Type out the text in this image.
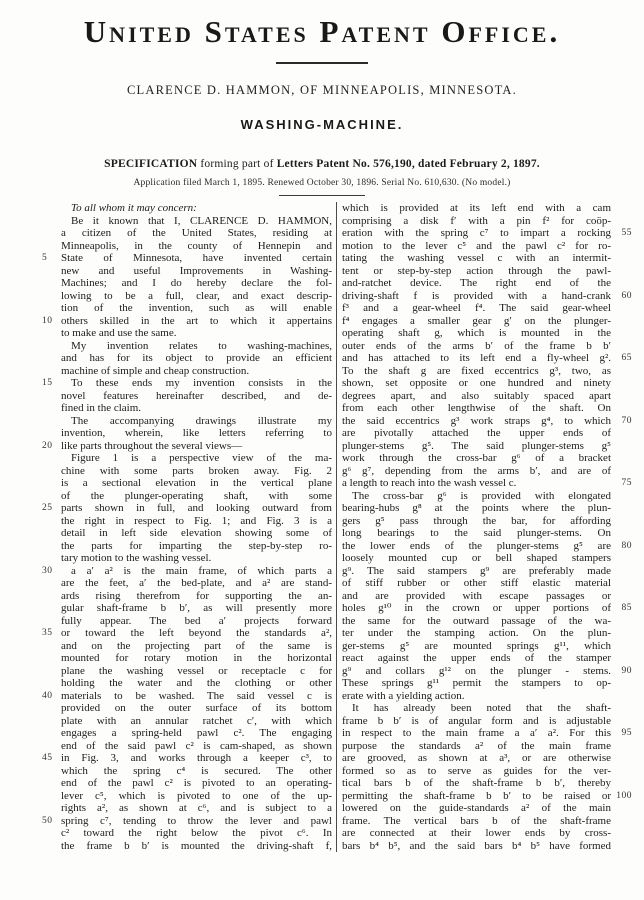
United States Patent Office.
CLARENCE D. HAMMON, OF MINNEAPOLIS, MINNESOTA.
WASHING-MACHINE.
SPECIFICATION forming part of Letters Patent No. 576,190, dated February 2, 1897.
Application filed March 1, 1895. Renewed October 30, 1896. Serial No. 610,630. (No model.)
To all whom it may concern:
Be it known that I, CLARENCE D. HAMMON,
a citizen of the United States, residing at
Minneapolis, in the county of Hennepin and
5	State of Minnesota, have invented certain
new and useful Improvements in Washing-
Machines; and I do hereby declare the fol-
lowing to be a full, clear, and exact descrip-
tion of the invention, such as will enable
10 others skilled in the art to which it appertains
to make and use the same.
My invention relates to washing-machines,
and has for its object to provide an efficient
machine of simple and cheap construction.
15	To these ends my invention consists in the
novel features hereinafter described, and de-
fined in the claim.
The accompanying drawings illustrate my
invention, wherein, like letters referring to
20 like parts throughout the several views—
Figure 1 is a perspective view of the ma-
chine with some parts broken away. Fig. 2
is a sectional elevation in the vertical plane
of the plunger-operating shaft, with some
25 parts shown in full, and looking outward from
the right in respect to Fig. 1; and Fig. 3 is a
detail in left side elevation showing some of
the parts for imparting the step-by-step ro-
tary motion to the washing vessel.
30	a a′ a² is the main frame, of which parts a
are the feet, a′ the bed-plate, and a² are stand-
ards rising therefrom for supporting the an-
gular shaft-frame b b′, as will presently more
fully appear. The bed a′ projects forward
35 or toward the left beyond the standards a²,
and on the projecting part of the same is
mounted for rotary motion in the horizontal
plane the washing vessel or receptacle c for
holding the water and the clothing or other
40 materials to be washed. The said vessel c is
provided on the outer surface of its bottom
plate with an annular ratchet c′, with which
engages a spring-held pawl c². The engaging
end of the said pawl c² is cam-shaped, as shown
45 in Fig. 3, and works through a keeper c³, to
which the spring c⁴ is secured. The other
end of the pawl c² is pivoted to an operating-
lever c⁵, which is pivoted to one of the up-
rights a², as shown at c⁶, and is subject to a
50 spring c⁷, tending to throw the lever and pawl
c² toward the right below the pivot c⁶. In
the frame b b′ is mounted the driving-shaft f,
which is provided at its left end with a cam
comprising a disk f′ with a pin f² for coöp-
eration with the spring c⁷ to impart a rocking	55
motion to the lever c⁵ and the pawl c² for ro-
tating the washing vessel c with an intermit-
tent or step-by-step action through the pawl-
and-ratchet device. The right end of the
driving-shaft f is provided with a hand-crank	60
f³ and a gear-wheel f⁴. The said gear-wheel
f⁴ engages a smaller gear g′ on the plunger-
operating shaft g, which is mounted in the
outer ends of the arms b′ of the frame b b′
and has attached to its left end a fly-wheel g².	65
To the shaft g are fixed eccentrics g³, two, as
shown, set opposite or one hundred and ninety
degrees apart, and also suitably spaced apart
from each other lengthwise of the shaft. On
the said eccentrics g³ work straps g⁴, to which	70
are pivotally attached the upper ends of
plunger-stems g⁵. The said plunger-stems g⁵
work through the cross-bar g⁶ of a bracket
g⁶ g⁷, depending from the arms b′, and are of
a length to reach into the wash vessel c.	75
The cross-bar g⁶ is provided with elongated
bearing-hubs g⁸ at the points where the plun-
gers g⁵ pass through the bar, for affording
long bearings to the said plunger-stems. On
the lower ends of the plunger-stems g⁵ are	80
loosely mounted cup or bell shaped stampers
g⁹. The said stampers g⁹ are preferably made
of stiff rubber or other stiff elastic material
and are provided with escape passages or
holes g¹⁰ in the crown or upper portions of	85
the same for the outward passage of the wa-
ter under the stamping action. On the plun-
ger-stems g⁵ are mounted springs g¹¹, which
react against the upper ends of the stamper
g⁹ and collars g¹² on the plunger - stems.	90
These springs g¹¹ permit the stampers to op-
erate with a yielding action.
It has already been noted that the shaft-
frame b b′ is of angular form and is adjustable
in respect to the main frame a a′ a². For this	95
purpose the standards a² of the main frame
are grooved, as shown at a³, or are otherwise
formed so as to serve as guides for the ver-
tical bars b of the shaft-frame b b′, thereby
permitting the shaft-frame b b′ to be raised or 100
lowered on the guide-standards a² of the main
frame. The vertical bars b of the shaft-frame
are connected at their lower ends by cross-
bars b⁴ b⁵, and the said bars b⁴ b⁵ have formed
